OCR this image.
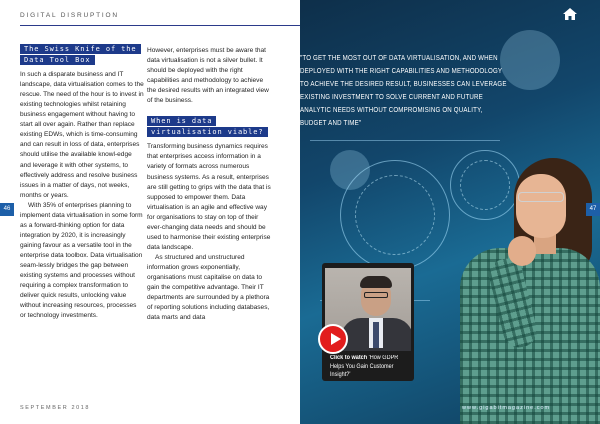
DIGITAL DISRUPTION
The Swiss Knife of the
Data Tool Box

In such a disparate business and IT landscape, data virtualisation comes to the rescue. The need of the hour is to invest in existing technologies whilst retaining business engagement without having to start all over again. Rather than replace existing EDWs, which is time-consuming and can result in loss of data, enterprises should utilise the available knowl-edge and leverage it with other systems, to effectively address and resolve business issues in a matter of days, not weeks, months or years.

With 35% of enterprises planning to implement data virtualisation in some form as a forward-thinking option for data integration by 2020, it is increasingly gaining favour as a versatile tool in the enterprise data toolbox. Data virtualisation seam-lessly bridges the gap between existing systems and processes without requiring a complex transformation to deliver quick results, unlocking value without increasing resources, processes or technology investments.

However, enterprises must be aware that data virtualisation is not a silver bullet. It should be deployed with the right capabilities and methodology to achieve the desired results with an integrated view of the business.

When is data
virtualisation viable?

Transforming business dynamics requires that enterprises access information in a variety of formats across numerous business systems. As a result, enterprises are still getting to grips with the data that is supposed to empower them. Data virtualisation is an agile and effective way for organisations to stay on top of their ever-changing data needs and should be used to harmonise their existing enterprise data landscape.

As structured and unstructured information grows exponentially, organisations must capitalise on data to gain the competitive advantage. Their IT departments are surrounded by a plethora of reporting solutions including databases, data marts and data

46
SEPTEMBER 2018
47
"TO GET THE MOST OUT OF DATA VIRTUALISATION, AND WHEN DEPLOYED WITH THE RIGHT CAPABILITIES AND METHODOLOGY TO ACHIEVE THE DESIRED RESULT, BUSINESSES CAN LEVERAGE EXISTING INVESTMENT TO SOLVE CURRENT AND FUTURE ANALYTIC NEEDS WITHOUT COMPROMISING ON QUALITY, BUDGET AND TIME"
Click to watch 'How GDPR Helps You Gain Customer Insight?'
www.gigabitmagazine.com
